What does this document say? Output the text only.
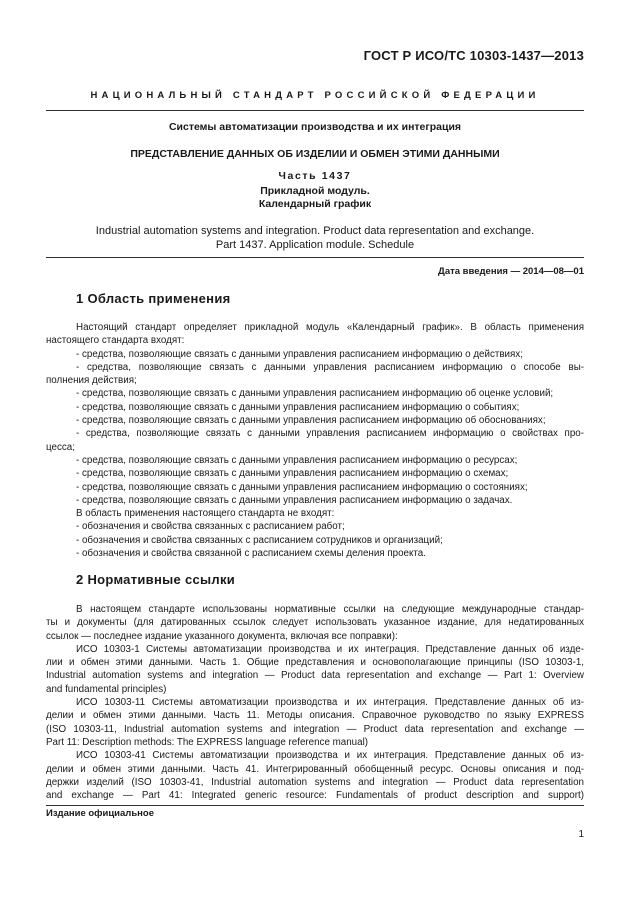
ГОСТ Р ИСО/ТС 10303-1437—2013
НАЦИОНАЛЬНЫЙ СТАНДАРТ РОССИЙСКОЙ ФЕДЕРАЦИИ
Системы автоматизации производства и их интеграция
ПРЕДСТАВЛЕНИЕ ДАННЫХ ОБ ИЗДЕЛИИ И ОБМЕН ЭТИМИ ДАННЫМИ
Часть 1437
Прикладной модуль.
Календарный график
Industrial automation systems and integration. Product data representation and exchange.
Part 1437. Application module. Schedule
Дата введения — 2014—08—01
1 Область применения
Настоящий стандарт определяет прикладной модуль «Календарный график». В область применения
настоящего стандарта входят:
- средства, позволяющие связать с данными управления расписанием информацию о действиях;
- средства, позволяющие связать с данными управления расписанием информацию о способе вы-
полнения действия;
- средства, позволяющие связать с данными управления расписанием информацию об оценке условий;
- средства, позволяющие связать с данными управления расписанием информацию о событиях;
- средства, позволяющие связать с данными управления расписанием информацию об обоснованиях;
- средства, позволяющие связать с данными управления расписанием информацию о свойствах про-
цесса;
- средства, позволяющие связать с данными управления расписанием информацию о ресурсах;
- средства, позволяющие связать с данными управления расписанием информацию о схемах;
- средства, позволяющие связать с данными управления расписанием информацию о состояниях;
- средства, позволяющие связать с данными управления расписанием информацию о задачах.
В область применения настоящего стандарта не входят:
- обозначения и свойства связанных с расписанием работ;
- обозначения и свойства связанных с расписанием сотрудников и организаций;
- обозначения и свойства связанной с расписанием схемы деления проекта.
2 Нормативные ссылки
В настоящем стандарте использованы нормативные ссылки на следующие международные стандар-
ты и документы (для датированных ссылок следует использовать указанное издание, для недатированных
ссылок — последнее издание указанного документа, включая все поправки):
ИСО 10303-1 Системы автоматизации производства и их интеграция. Представление данных об изде-
лии и обмен этими данными. Часть 1. Общие представления и основополагающие принципы (ISO 10303-1,
Industrial automation systems and integration — Product data representation and exchange — Part 1: Overview
and fundamental principles)
ИСО 10303-11 Системы автоматизации производства и их интеграция. Представление данных об из-
делии и обмен этими данными. Часть 11. Методы описания. Справочное руководство по языку EXPRESS
(ISO 10303-11, Industrial automation systems and integration — Product data representation and exchange —
Part 11: Description methods: The EXPRESS language reference manual)
ИСО 10303-41 Системы автоматизации производства и их интеграция. Представление данных об из-
делии и обмен этими данными. Часть 41. Интегрированный обобщенный ресурс. Основы описания и под-
держки изделий (ISO 10303-41, Industrial automation systems and integration — Product data representation
and exchange — Part 41: Integrated generic resource: Fundamentals of product description and support)
Издание официальное
1
